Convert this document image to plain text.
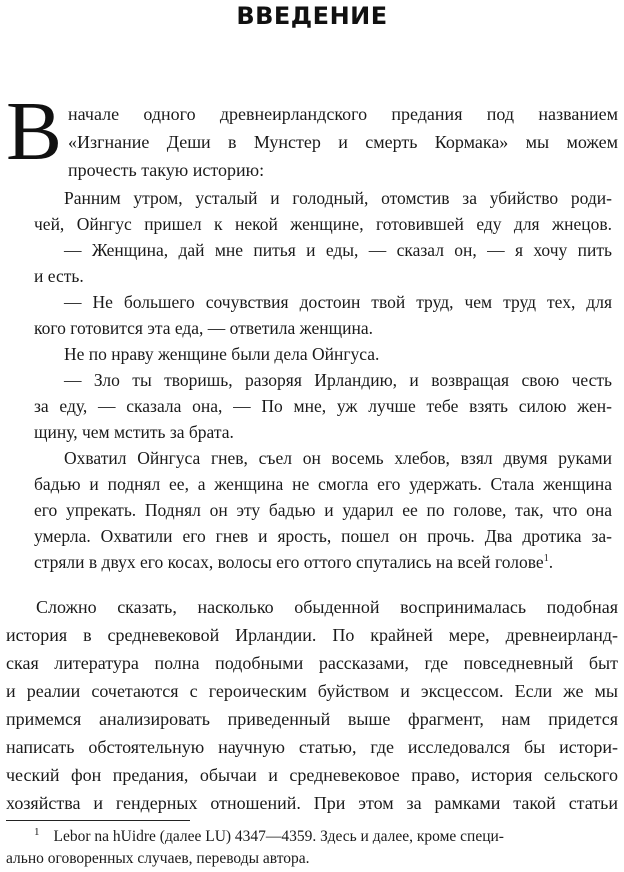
ВВЕДЕНИЕ
В начале одного древнеирландского предания под названием
«Изгнание Деши в Мунстер и смерть Кормака» мы можем
прочесть такую историю:
Ранним утром, усталый и голодный, отомстив за убийство роди-
чей, Ойнгус пришел к некой женщине, готовившей еду для жнецов.
— Женщина, дай мне питья и еды, — сказал он, — я хочу пить
и есть.
— Не большего сочувствия достоин твой труд, чем труд тех, для
кого готовится эта еда, — ответила женщина.
Не по нраву женщине были дела Ойнгуса.
— Зло ты творишь, разоряя Ирландию, и возвращая свою честь
за еду, — сказала она, — По мне, уж лучше тебе взять силою жен-
щину, чем мстить за брата.
Охватил Ойнгуса гнев, съел он восемь хлебов, взял двумя руками
бадью и поднял ее, а женщина не смогла его удержать. Стала женщина
его упрекать. Поднял он эту бадью и ударил ее по голове, так, что она
умерла. Охватили его гнев и ярость, пошел он прочь. Два дротика за-
стряли в двух его косах, волосы его оттого спутались на всей голове$^1$.
Сложно сказать, насколько обыденной воспринималась подобная
история в средневековой Ирландии. По крайней мере, древнеирланд-
ская литература полна подобными рассказами, где повседневный быт
и реалии сочетаются с героическим буйством и эксцессом. Если же мы
примемся анализировать приведенный выше фрагмент, нам придется
написать обстоятельную научную статью, где исследовался бы истори-
ческий фон предания, обычаи и средневековое право, история сельского
хозяйства и гендерных отношений. При этом за рамками такой статьи
$^1$ Lebor na hUidre (далее LU) 4347—4359. Здесь и далее, кроме специ-
ально оговоренных случаев, переводы автора.
